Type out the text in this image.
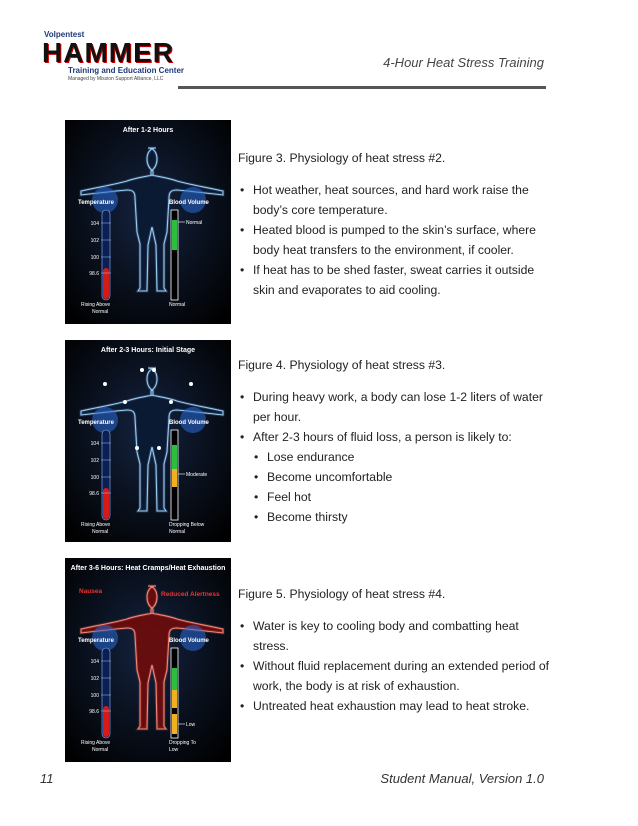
Volpentest
HAMMER
Training and Education Center
Managed by Mission Support Alliance, LLC
4-Hour Heat Stress Training
After 1-2 Hours
Temperature
104
102
100
98.6
Rising Above
Normal
Normal
Blood Volume
Normal
After 2-3 Hours: Initial Stage
Temperature
104
102
100
98.6
Rising Above
Normal
Moderate
Blood Volume
Dropping Below
Normal
After 3-6 Hours: Heat Cramps/Heat Exhaustion
Nausea	Reduced Alertness
Temperature
104
102
100
98.6
Rising Above
Normal
Low
Blood Volume
Dropping To
Low
Figure 3. Physiology of heat stress #2.
• Hot weather, heat sources, and hard work raise the body’s core temperature.
• Heated blood is pumped to the skin’s surface, where body heat transfers to the environment, if cooler.
• If heat has to be shed faster, sweat carries it outside skin and evaporates to aid cooling.
Figure 4. Physiology of heat stress #3.
• During heavy work, a body can lose 1-2 liters of water per hour.
• After 2-3 hours of fluid loss, a person is likely to:
• Lose endurance
• Become uncomfortable
• Feel hot
• Become thirsty
Figure 5. Physiology of heat stress #4.
• Water is key to cooling body and combatting heat stress.
• Without fluid replacement during an extended period of work, the body is at risk of exhaustion.
• Untreated heat exhaustion may lead to heat stroke.
11	Student Manual, Version 1.0
